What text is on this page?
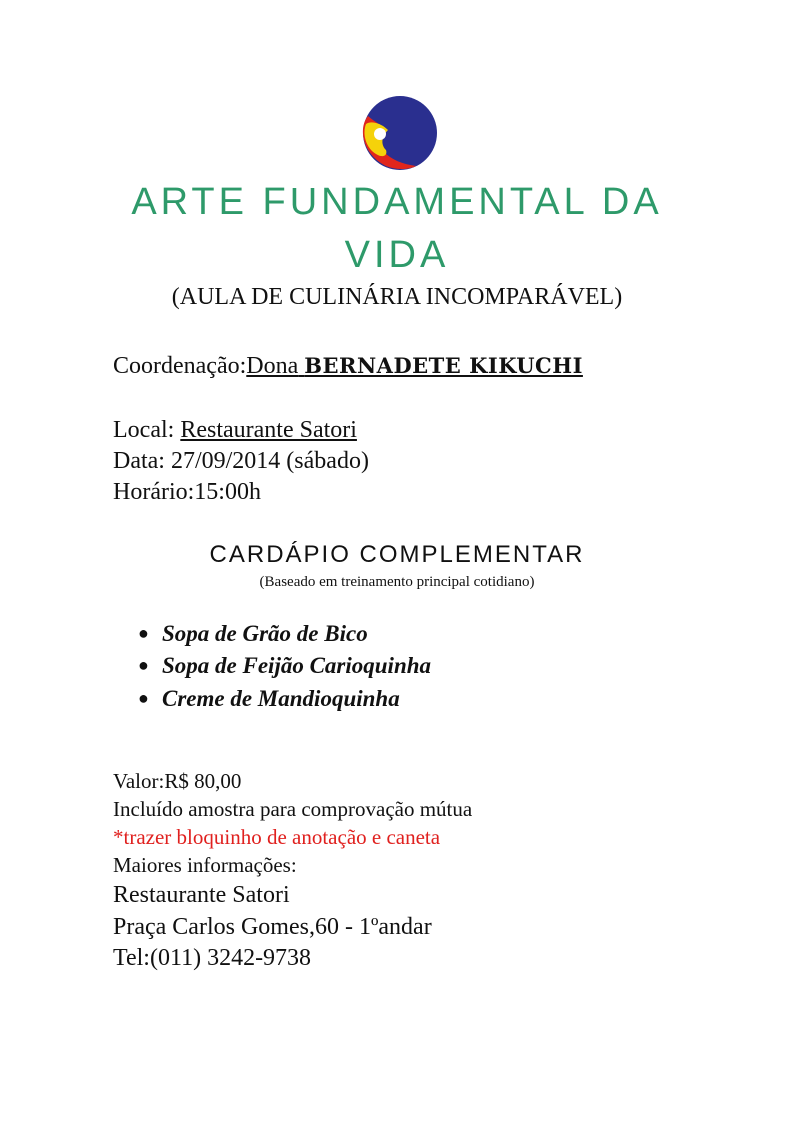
ARTE FUNDAMENTAL DA
VIDA
(AULA DE CULINÁRIA INCOMPARÁVEL)
Coordenação:Dona BERNADETE KIKUCHI
Local: Restaurante Satori
Data: 27/09/2014 (sábado)
Horário:15:00h
CARDÁPIO COMPLEMENTAR
(Baseado em treinamento principal cotidiano)
● Sopa de Grão de Bico
● Sopa de Feijão Carioquinha
● Creme de Mandioquinha
Valor:R$ 80,00
Incluído amostra para comprovação mútua
*trazer bloquinho de anotação e caneta
Maiores informações:
Restaurante Satori
Praça Carlos Gomes,60 - 1ºandar
Tel:(011) 3242-9738
